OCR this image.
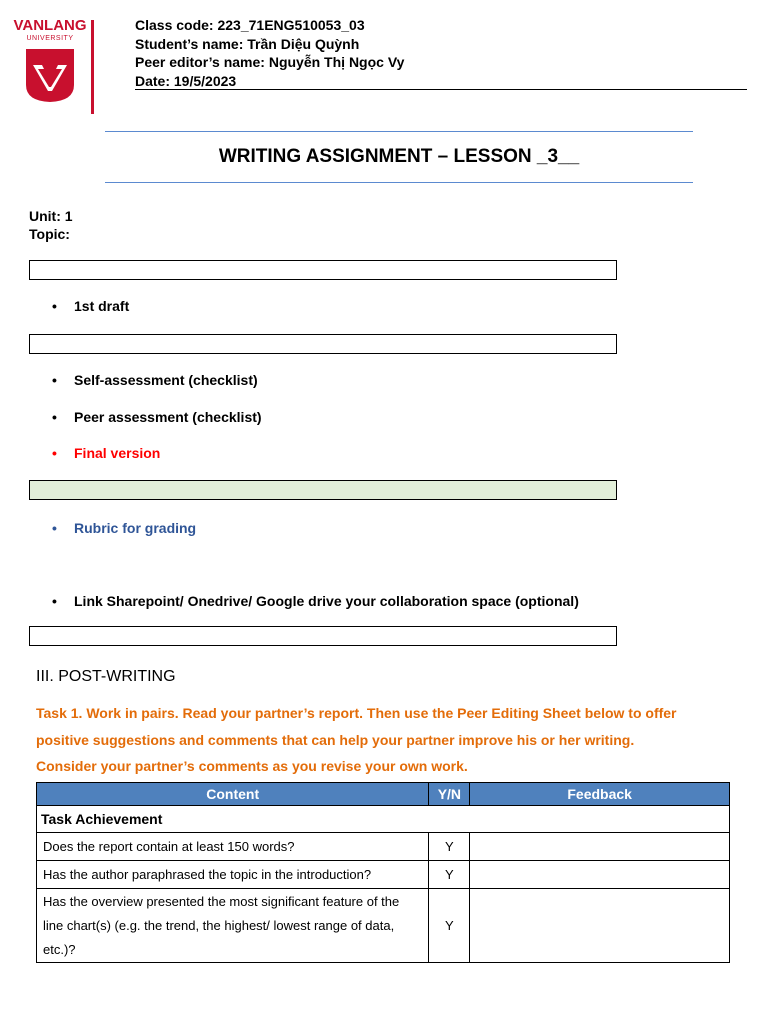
VANLANG
UNIVERSITY
Class code: 223_71ENG510053_03
Student’s name: Trần Diệu Quỳnh
Peer editor’s name: Nguyễn Thị Ngọc Vy
Date: 19/5/2023
WRITING ASSIGNMENT – LESSON _3__
Unit: 1
Topic:
• 1st draft
• Self-assessment (checklist)
• Peer assessment (checklist)
• Final version
• Rubric for grading
• Link Sharepoint/ Onedrive/ Google drive your collaboration space (optional)
III. POST-WRITING
Task 1. Work in pairs. Read your partner’s report. Then use the Peer Editing Sheet below to offer
positive suggestions and comments that can help your partner improve his or her writing.
Consider your partner’s comments as you revise your own work.
Content	Y/N	Feedback
Task Achievement		
Does the report contain at least 150 words?	Y	
Has the author paraphrased the topic in the introduction?	Y	
Has the overview presented the most significant feature of the line chart(s) (e.g. the trend, the highest/ lowest range of data, etc.)?	Y	
